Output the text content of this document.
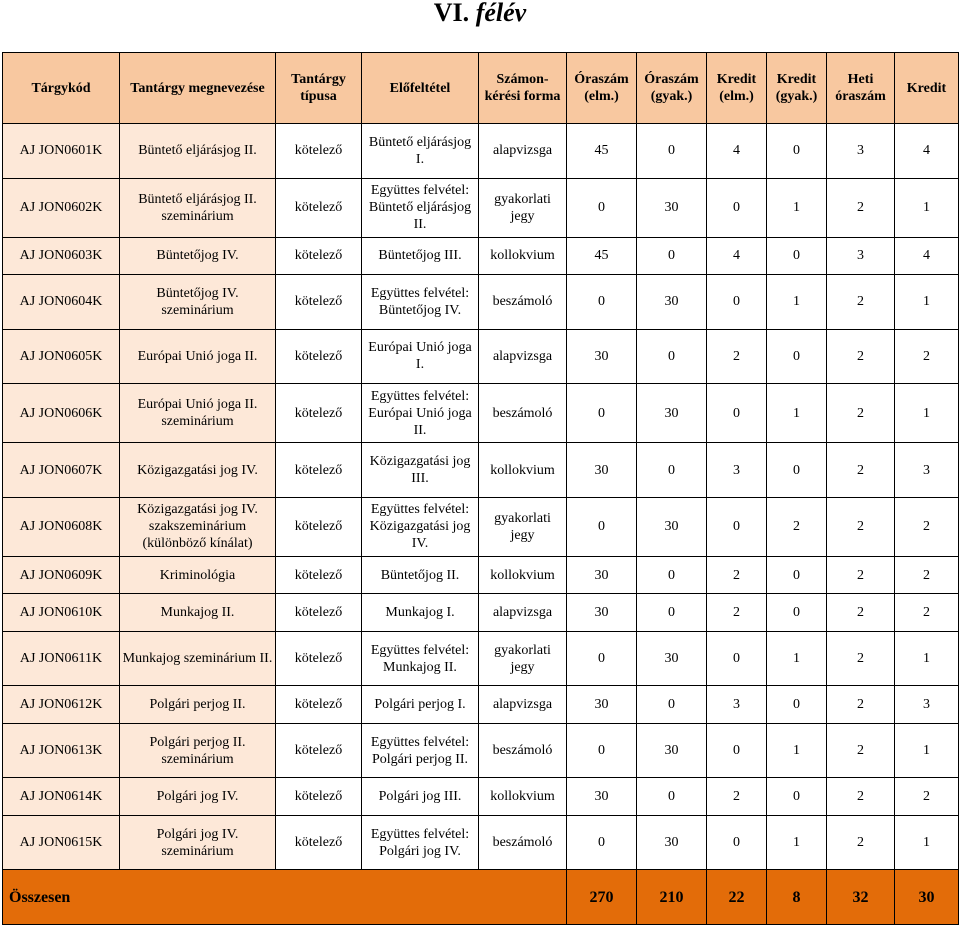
VI. félév
Tárgykód	Tantárgy megnevezése	Tantárgy típusa	Előfeltétel	Számon-kérési forma	Óraszám (elm.)	Óraszám (gyak.)	Kredit (elm.)	Kredit (gyak.)	Heti óraszám	Kredit
AJ JON0601K	Büntető eljárásjog II.	kötelező	Büntető eljárásjog I.	alapvizsga	45	0	4	0	3	4
AJ JON0602K	Büntető eljárásjog II. szeminárium	kötelező	Együttes felvétel: Büntető eljárásjog II.	gyakorlati jegy	0	30	0	1	2	1
AJ JON0603K	Büntetőjog IV.	kötelező	Büntetőjog III.	kollokvium	45	0	4	0	3	4
AJ JON0604K	Büntetőjog IV. szeminárium	kötelező	Együttes felvétel: Büntetőjog IV.	beszámoló	0	30	0	1	2	1
AJ JON0605K	Európai Unió joga II.	kötelező	Európai Unió joga I.	alapvizsga	30	0	2	0	2	2
AJ JON0606K	Európai Unió joga II. szeminárium	kötelező	Együttes felvétel: Európai Unió joga II.	beszámoló	0	30	0	1	2	1
AJ JON0607K	Közigazgatási jog IV.	kötelező	Közigazgatási jog III.	kollokvium	30	0	3	0	2	3
AJ JON0608K	Közigazgatási jog IV. szakszeminárium (különböző kínálat)	kötelező	Együttes felvétel: Közigazgatási jog IV.	gyakorlati jegy	0	30	0	2	2	2
AJ JON0609K	Kriminológia	kötelező	Büntetőjog II.	kollokvium	30	0	2	0	2	2
AJ JON0610K	Munkajog II.	kötelező	Munkajog I.	alapvizsga	30	0	2	0	2	2
AJ JON0611K	Munkajog szeminárium II.	kötelező	Együttes felvétel: Munkajog II.	gyakorlati jegy	0	30	0	1	2	1
AJ JON0612K	Polgári perjog II.	kötelező	Polgári perjog I.	alapvizsga	30	0	3	0	2	3
AJ JON0613K	Polgári perjog II. szeminárium	kötelező	Együttes felvétel: Polgári perjog II.	beszámoló	0	30	0	1	2	1
AJ JON0614K	Polgári jog IV.	kötelező	Polgári jog III.	kollokvium	30	0	2	0	2	2
AJ JON0615K	Polgári jog IV. szeminárium	kötelező	Együttes felvétel: Polgári jog IV.	beszámoló	0	30	0	1	2	1
Összesen					270	210	22	8	32	30
